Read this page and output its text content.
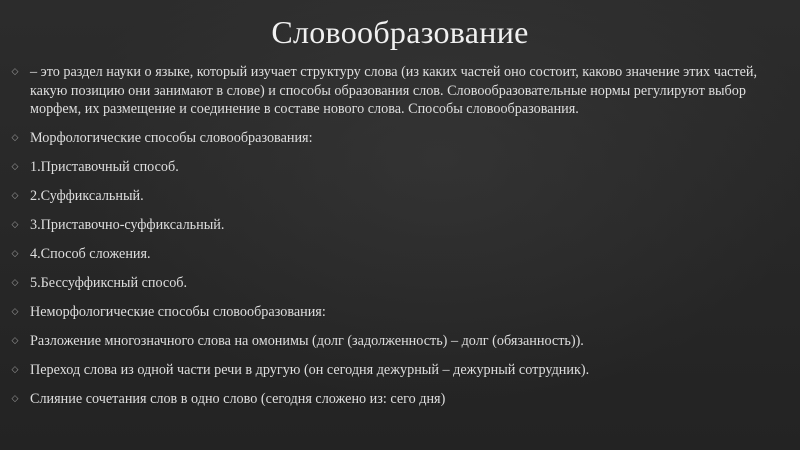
Словообразование
◇ – это раздел науки о языке, который изучает структуру слова (из каких частей оно состоит, каково значение этих частей, какую позицию они занимают в слове) и способы образования слов. Словообразовательные нормы регулируют выбор морфем, их размещение и соединение в составе нового слова. Способы словообразования.
◇ Морфологические способы словообразования:
◇ 1.Приставочный способ.
◇ 2.Суффиксальный.
◇ 3.Приставочно-суффиксальный.
◇ 4.Способ сложения.
◇ 5.Бессуффиксный способ.
◇ Неморфологические способы словообразования:
◇ Разложение многозначного слова на омонимы (долг (задолженность) – долг (обязанность)).
◇ Переход слова из одной части речи в другую (он сегодня дежурный – дежурный сотрудник).
◇ Слияние сочетания слов в одно слово (сегодня сложено из: сего дня)
